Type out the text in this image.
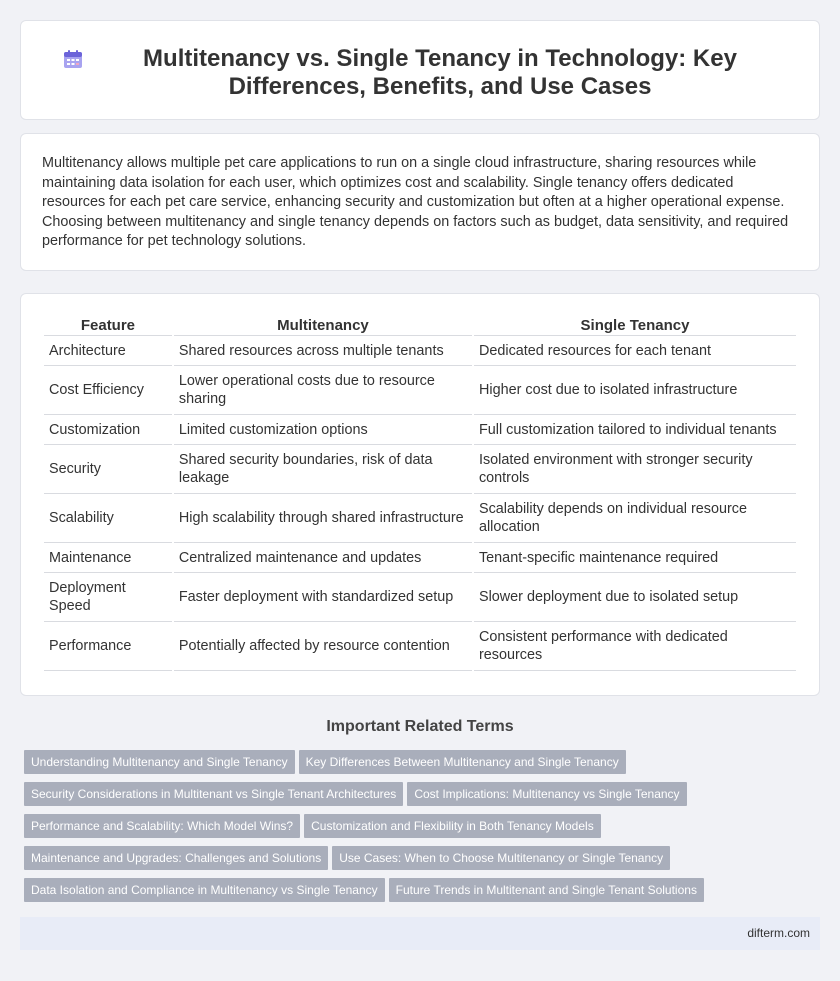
Multitenancy vs. Single Tenancy in Technology: Key Differences, Benefits, and Use Cases

Multitenancy allows multiple pet care applications to run on a single cloud infrastructure, sharing resources while maintaining data isolation for each user, which optimizes cost and scalability. Single tenancy offers dedicated resources for each pet care service, enhancing security and customization but often at a higher operational expense. Choosing between multitenancy and single tenancy depends on factors such as budget, data sensitivity, and required performance for pet technology solutions.

Feature	Multitenancy	Single Tenancy
Architecture	Shared resources across multiple tenants	Dedicated resources for each tenant
Cost Efficiency	Lower operational costs due to resource sharing	Higher cost due to isolated infrastructure
Customization	Limited customization options	Full customization tailored to individual tenants
Security	Shared security boundaries, risk of data leakage	Isolated environment with stronger security controls
Scalability	High scalability through shared infrastructure	Scalability depends on individual resource allocation
Maintenance	Centralized maintenance and updates	Tenant-specific maintenance required
Deployment Speed	Faster deployment with standardized setup	Slower deployment due to isolated setup
Performance	Potentially affected by resource contention	Consistent performance with dedicated resources
Important Related Terms
Understanding Multitenancy and Single Tenancy Key Differences Between Multitenancy and Single Tenancy
Security Considerations in Multitenant vs Single Tenant Architectures Cost Implications: Multitenancy vs Single Tenancy
Performance and Scalability: Which Model Wins? Customization and Flexibility in Both Tenancy Models
Maintenance and Upgrades: Challenges and Solutions Use Cases: When to Choose Multitenancy or Single Tenancy
Data Isolation and Compliance in Multitenancy vs Single Tenancy Future Trends in Multitenant and Single Tenant Solutions
difterm.com
